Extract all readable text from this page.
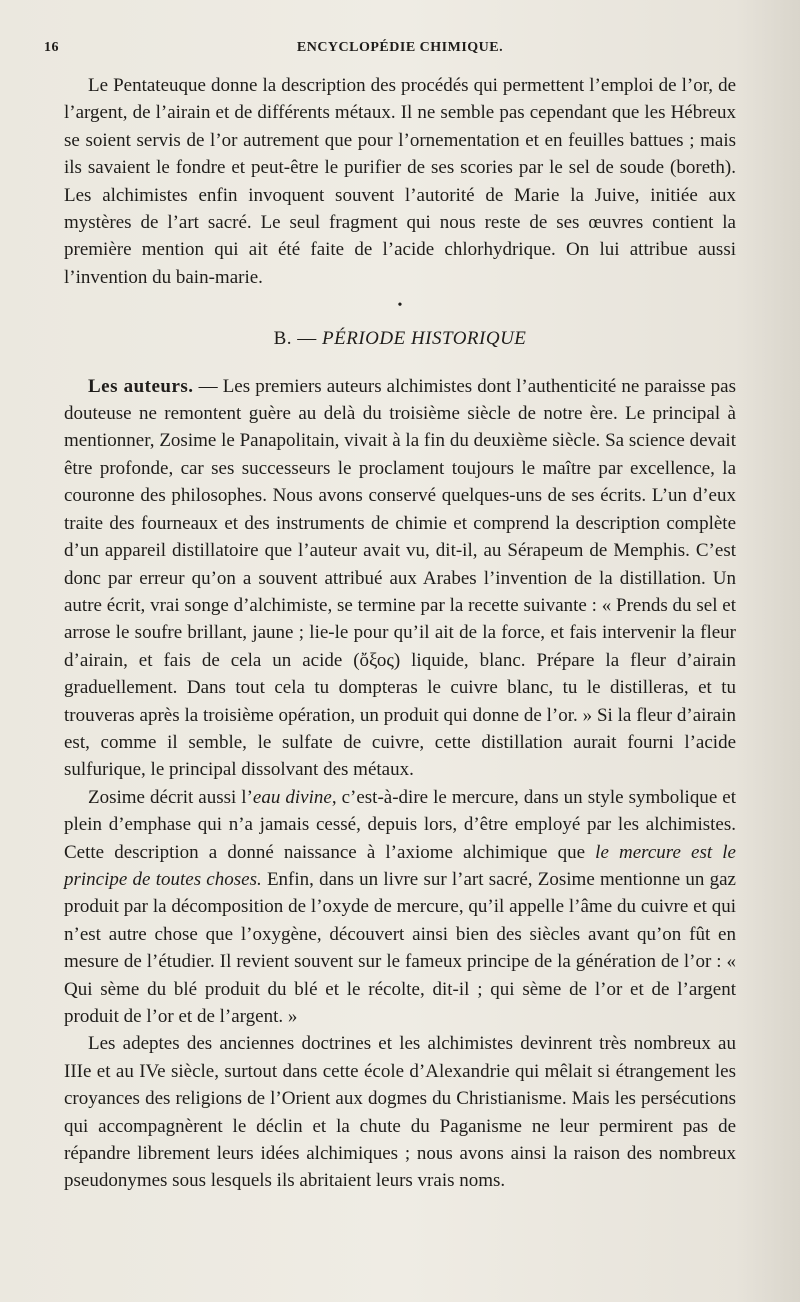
16	ENCYCLOPÉDIE CHIMIQUE.

Le Pentateuque donne la description des procédés qui permettent l’emploi de l’or, de l’argent, de l’airain et de différents métaux. Il ne semble pas cependant que les Hébreux se soient servis de l’or autrement que pour l’ornementation et en feuilles battues ; mais ils savaient le fondre et peut-être le purifier de ses scories par le sel de soude (boreth). Les alchimistes enfin invoquent souvent l’autorité de Marie la Juive, initiée aux mystères de l’art sacré. Le seul fragment qui nous reste de ses œuvres contient la première mention qui ait été faite de l’acide chlorhydrique. On lui attribue aussi l’invention du bain-marie.

•
B. — PÉRIODE HISTORIQUE

Les auteurs. — Les premiers auteurs alchimistes dont l’authenticité ne paraisse pas douteuse ne remontent guère au delà du troisième siècle de notre ère. Le principal à mentionner, Zosime le Panapolitain, vivait à la fin du deuxième siècle. Sa science devait être profonde, car ses successeurs le proclament toujours le maître par excellence, la couronne des philosophes. Nous avons conservé quelques-uns de ses écrits. L’un d’eux traite des fourneaux et des instruments de chimie et comprend la description complète d’un appareil distillatoire que l’auteur avait vu, dit-il, au Sérapeum de Memphis. C’est donc par erreur qu’on a souvent attribué aux Arabes l’invention de la distillation. Un autre écrit, vrai songe d’alchimiste, se termine par la recette suivante : « Prends du sel et arrose le soufre brillant, jaune ; lie-le pour qu’il ait de la force, et fais intervenir la fleur d’airain, et fais de cela un acide (ὄξος) liquide, blanc. Prépare la fleur d’airain graduellement. Dans tout cela tu dompteras le cuivre blanc, tu le distilleras, et tu trouveras après la troisième opération, un produit qui donne de l’or. » Si la fleur d’airain est, comme il semble, le sulfate de cuivre, cette distillation aurait fourni l’acide sulfurique, le principal dissolvant des métaux.

Zosime décrit aussi l’eau divine, c’est-à-dire le mercure, dans un style symbolique et plein d’emphase qui n’a jamais cessé, depuis lors, d’être employé par les alchimistes. Cette description a donné naissance à l’axiome alchimique que le mercure est le principe de toutes choses. Enfin, dans un livre sur l’art sacré, Zosime mentionne un gaz produit par la décomposition de l’oxyde de mercure, qu’il appelle l’âme du cuivre et qui n’est autre chose que l’oxygène, découvert ainsi bien des siècles avant qu’on fût en mesure de l’étudier. Il revient souvent sur le fameux principe de la génération de l’or : « Qui sème du blé produit du blé et le récolte, dit-il ; qui sème de l’or et de l’argent produit de l’or et de l’argent. »

Les adeptes des anciennes doctrines et les alchimistes devinrent très nombreux au IIIe et au IVe siècle, surtout dans cette école d’Alexandrie qui mêlait si étrangement les croyances des religions de l’Orient aux dogmes du Christianisme. Mais les persécutions qui accompagnèrent le déclin et la chute du Paganisme ne leur permirent pas de répandre librement leurs idées alchimiques ; nous avons ainsi la raison des nombreux pseudonymes sous lesquels ils abritaient leurs vrais noms.
